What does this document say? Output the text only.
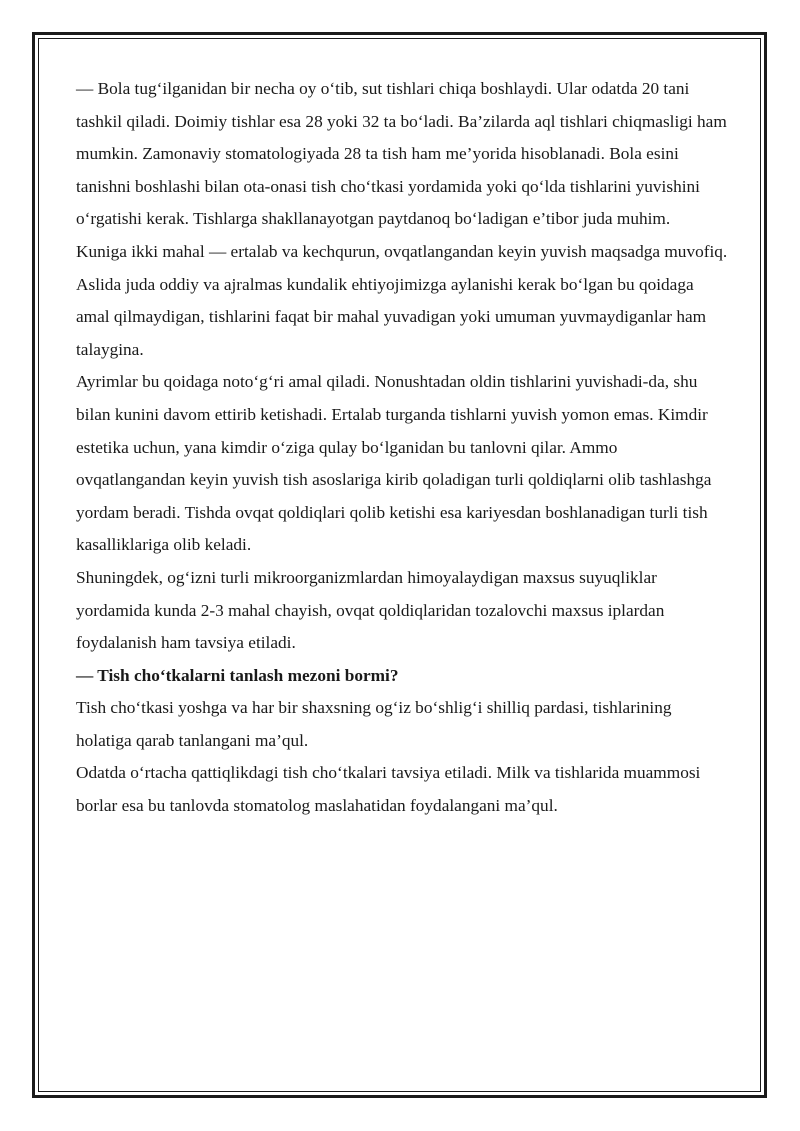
— Bola tug‘ilganidan bir necha oy o‘tib, sut tishlari chiqa boshlaydi. Ular odatda 20 tani tashkil qiladi. Doimiy tishlar esa 28 yoki 32 ta bo‘ladi. Ba’zilarda aql tishlari chiqmasligi ham mumkin. Zamonaviy stomatologiyada 28 ta tish ham me’yorida hisoblanadi. Bola esini tanishni boshlashi bilan ota-onasi tish cho‘tkasi yordamida yoki qo‘lda tishlarini yuvishini o‘rgatishi kerak. Tishlarga shakllanayotgan paytdanoq bo‘ladigan e’tibor juda muhim.

Kuniga ikki mahal — ertalab va kechqurun, ovqatlangandan keyin yuvish maqsadga muvofiq. Aslida juda oddiy va ajralmas kundalik ehtiyojimizga aylanishi kerak bo‘lgan bu qoidaga amal qilmaydigan, tishlarini faqat bir mahal yuvadigan yoki umuman yuvmaydiganlar ham talaygina.

Ayrimlar bu qoidaga noto‘g‘ri amal qiladi. Nonushtadan oldin tishlarini yuvishadi-da, shu bilan kunini davom ettirib ketishadi. Ertalab turganda tishlarni yuvish yomon emas. Kimdir estetika uchun, yana kimdir o‘ziga qulay bo‘lganidan bu tanlovni qilar. Ammo ovqatlangandan keyin yuvish tish asoslariga kirib qoladigan turli qoldiqlarni olib tashlashga yordam beradi. Tishda ovqat qoldiqlari qolib ketishi esa kariyesdan boshlanadigan turli tish kasalliklariga olib keladi.

Shuningdek, og‘izni turli mikroorganizmlardan himoyalaydigan maxsus suyuqliklar yordamida kunda 2-3 mahal chayish, ovqat qoldiqlaridan tozalovchi maxsus iplardan foydalanish ham tavsiya etiladi.

— Tish cho‘tkalarni tanlash mezoni bormi?

Tish cho‘tkasi yoshga va har bir shaxsning og‘iz bo‘shlig‘i shilliq pardasi, tishlarining holatiga qarab tanlangani ma’qul.

Odatda o‘rtacha qattiqlikdagi tish cho‘tkalari tavsiya etiladi. Milk va tishlarida muammosi borlar esa bu tanlovda stomatolog maslahatidan foydalangani ma’qul.
